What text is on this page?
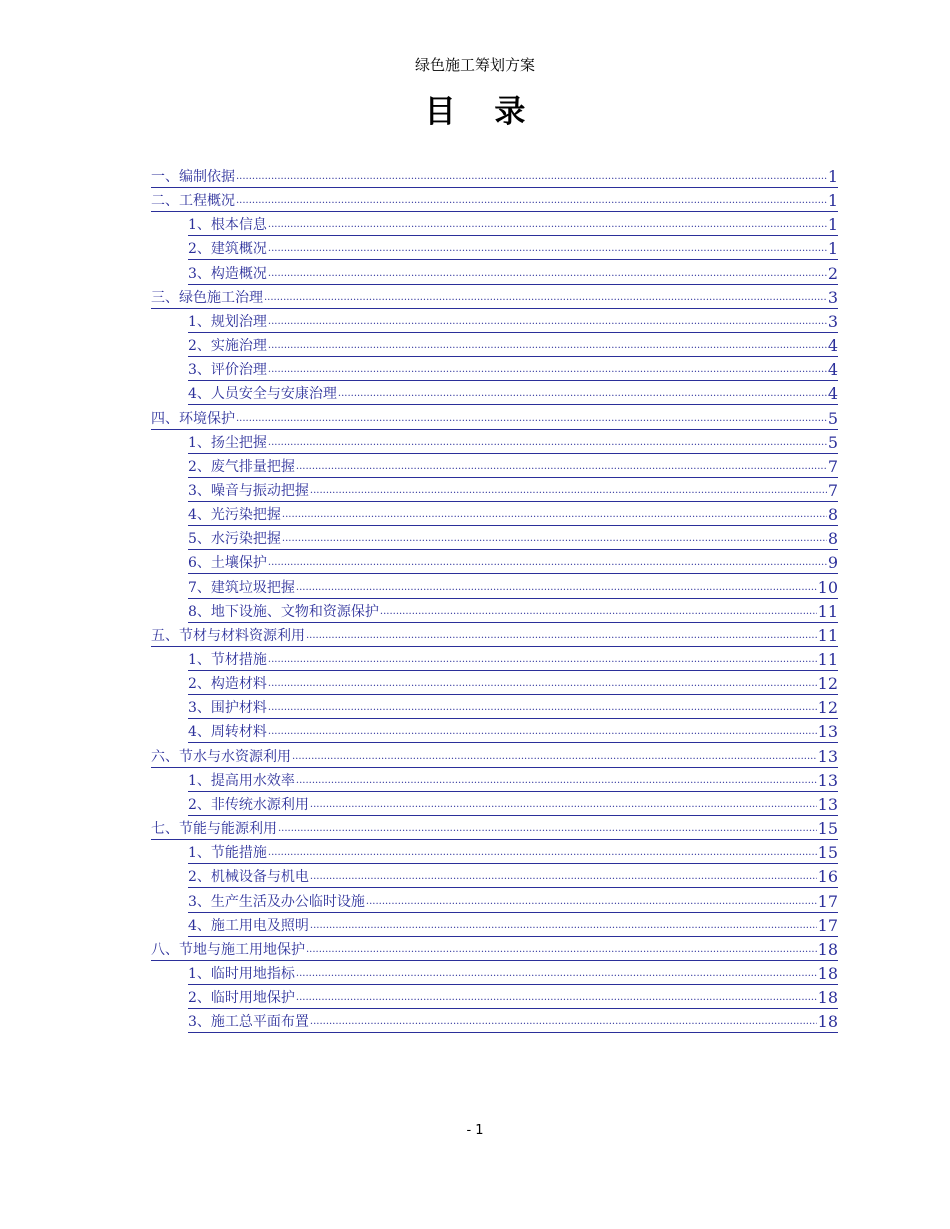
绿色施工筹划方案
目 录
一、编制依据 .....	1
二、工程概况 .....	1
1、根本信息 .....	1
2、建筑概况 .....	1
3、构造概况 .....	2
三、绿色施工治理 .....	3
1、规划治理 .....	3
2、实施治理 .....	4
3、评价治理 .....	4
4、人员安全与安康治理 .....	4
四、环境保护 .....	5
1、扬尘把握 .....	5
2、废气排量把握 .....	7
3、噪音与振动把握 .....	7
4、光污染把握 .....	8
5、水污染把握 .....	8
6、土壤保护 .....	9
7、建筑垃圾把握 .....	10
8、地下设施、文物和资源保护 .....	11
五、节材与材料资源利用 .....	11
1、节材措施 .....	11
2、构造材料 .....	12
3、围护材料 .....	12
4、周转材料 .....	13
六、节水与水资源利用 .....	13
1、提高用水效率 .....	13
2、非传统水源利用 .....	13
七、节能与能源利用 .....	15
1、节能措施 .....	15
2、机械设备与机电 .....	16
3、生产生活及办公临时设施 .....	17
4、施工用电及照明 .....	17
八、节地与施工用地保护 .....	18
1、临时用地指标 .....	18
2、临时用地保护 .....	18
3、施工总平面布置 .....	18
- 1
